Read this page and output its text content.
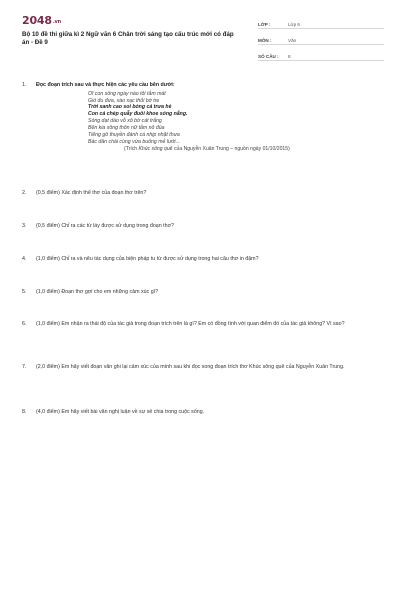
2048.vn
Bộ 10 đề thi giữa kì 2 Ngữ văn 6 Chân trời sáng tạo cấu trúc mới có đáp án - Đề 9
LỚP :	Lớp 6
MÔN :	Văn
SỐ CÂU :	8
1.	Đọc đoạn trích sau và thực hiện các yêu cầu bên dưới:
Ơi con sông ngày nào tôi tắm mát
Gió đu đưa, xào xạc thổi bờ tre
Trời xanh cao soi bóng cả trưa hè
Con cá chép quẫy đuôi khoe sóng nắng.
Sóng dạt dào vỗ xô bờ cát trắng
Bên kia sông thôn nữ tắm nô đùa
Tiếng gõ thuyền đánh cá nhịp nhặt thưa
Bác dân chài cùng vừa buông mẻ lưới...
(Trích Khúc sông quê của Nguyễn Xuân Trung – nguồn ngày 01/10/2015)
2.	(0,5 điểm) Xác định thể thơ của đoạn thơ trên?
3.	(0,5 điểm) Chỉ ra các từ láy được sử dụng trong đoạn thơ?
4.	(1,0 điểm) Chỉ ra và nêu tác dụng của biện pháp tu từ được sử dụng trong hai câu thơ in đậm?
5.	(1,0 điểm) Đoạn thơ gợi cho em những cảm xúc gì?
6.	(1,0 điểm) Em nhận ra thái độ của tác giả trong đoạn trích trên là gì? Em có đồng tình với quan điểm đó của tác giả không? Vì sao?
7.	(2,0 điểm) Em hãy viết đoạn văn ghi lại cảm xúc của mình sau khi đọc xong đoạn trích thơ Khúc sông quê của Nguyễn Xuân Trung.
8.	(4,0 điểm) Em hãy viết bài văn nghị luận về sự sẻ chia trong cuộc sống.
